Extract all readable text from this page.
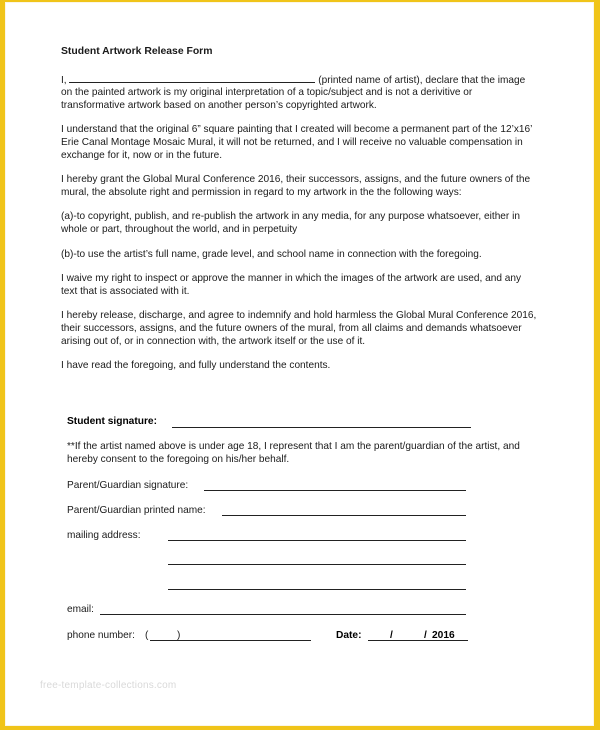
Student Artwork Release Form

I,	(printed name of artist), declare that the image on the painted artwork is my original interpretation of a topic/subject and is not a derivitive or transformative artwork based on another person’s copyrighted artwork.

I understand that the original 6” square painting that I created will become a permanent part of the 12’x16’ Erie Canal Montage Mosaic Mural, it will not be returned, and I will receive no valuable compensation in exchange for it, now or in the future.

I hereby grant the Global Mural Conference 2016, their successors, assigns, and the future owners of the mural, the absolute right and permission in regard to my artwork in the the following ways:

(a)-to copyright, publish, and re-publish the artwork in any media, for any purpose whatsoever, either in whole or part, throughout the world, and in perpetuity

(b)-to use the artist’s full name, grade level, and school name in connection with the foregoing.

I waive my right to inspect or approve the manner in which the images of the artwork are used, and any text that is associated with it.

I hereby release, discharge, and agree to indemnify and hold harmless the Global Mural Conference 2016, their successors, assigns, and the future owners of the mural, from all claims and demands whatsoever arising out of, or in connection with, the artwork itself or the use of it.

I have read the foregoing, and fully understand the contents.

Student signature:
**If the artist named above is under age 18, I represent that I am the parent/guardian of the artist, and hereby consent to the foregoing on his/her behalf.
Parent/Guardian signature:
Parent/Guardian printed name:
mailing address:
email:
phone number: (	)	Date:	/	/ 2016
free-template-collections.com
